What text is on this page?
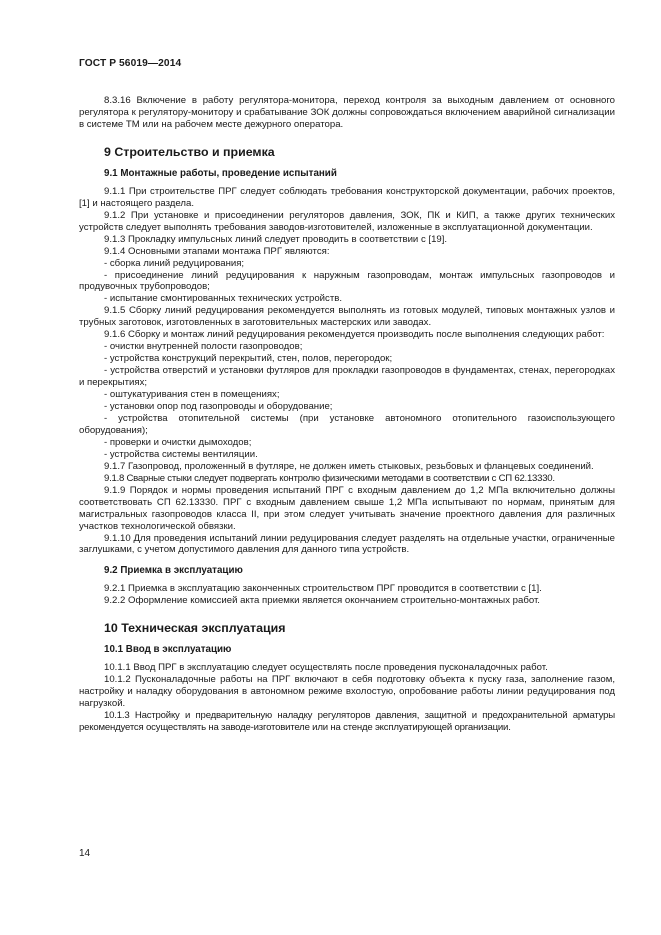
ГОСТ Р 56019—2014

8.3.16 Включение в работу регулятора-монитора, переход контроля за выходным давлением от основного регулятора к регулятору-монитору и срабатывание ЗОК должны сопровождаться включением аварийной сигнализации в системе ТМ или на рабочем месте дежурного оператора.

9 Строительство и приемка

9.1 Монтажные работы, проведение испытаний

9.1.1 При строительстве ПРГ следует соблюдать требования конструкторской документации, рабочих проектов, [1] и настоящего раздела.

9.1.2 При установке и присоединении регуляторов давления, ЗОК, ПК и КИП, а также других технических устройств следует выполнять требования заводов-изготовителей, изложенные в эксплуатационной документации.

9.1.3 Прокладку импульсных линий следует проводить в соответствии с [19].

9.1.4 Основными этапами монтажа ПРГ являются:

- сборка линий редуцирования;

- присоединение линий редуцирования к наружным газопроводам, монтаж импульсных газопроводов и продувочных трубопроводов;

- испытание смонтированных технических устройств.

9.1.5 Сборку линий редуцирования рекомендуется выполнять из готовых модулей, типовых монтажных узлов и трубных заготовок, изготовленных в заготовительных мастерских или заводах.

9.1.6 Сборку и монтаж линий редуцирования рекомендуется производить после выполнения следующих работ:

- очистки внутренней полости газопроводов;

- устройства конструкций перекрытий, стен, полов, перегородок;

- устройства отверстий и установки футляров для прокладки газопроводов в фундаментах, стенах, перегородках и перекрытиях;

- оштукатуривания стен в помещениях;

- установки опор под газопроводы и оборудование;

- устройства отопительной системы (при установке автономного отопительного газоиспользующего оборудования);

- проверки и очистки дымоходов;

- устройства системы вентиляции.

9.1.7 Газопровод, проложенный в футляре, не должен иметь стыковых, резьбовых и фланцевых соединений.

9.1.8 Сварные стыки следует подвергать контролю физическими методами в соответствии с СП 62.13330.

9.1.9 Порядок и нормы проведения испытаний ПРГ с входным давлением до 1,2 МПа включительно должны соответствовать СП 62.13330. ПРГ с входным давлением свыше 1,2 МПа испытывают по нормам, принятым для магистральных газопроводов класса II, при этом следует учитывать значение проектного давления для различных участков технологической обвязки.

9.1.10 Для проведения испытаний линии редуцирования следует разделять на отдельные участки, ограниченные заглушками, с учетом допустимого давления для данного типа устройств.

9.2 Приемка в эксплуатацию

9.2.1 Приемка в эксплуатацию законченных строительством ПРГ проводится в соответствии с [1].

9.2.2 Оформление комиссией акта приемки является окончанием строительно-монтажных работ.

10 Техническая эксплуатация

10.1 Ввод в эксплуатацию

10.1.1 Ввод ПРГ в эксплуатацию следует осуществлять после проведения пусконаладочных работ.

10.1.2 Пусконаладочные работы на ПРГ включают в себя подготовку объекта к пуску газа, заполнение газом, настройку и наладку оборудования в автономном режиме вхолостую, опробование работы линии редуцирования под нагрузкой.

10.1.3 Настройку и предварительную наладку регуляторов давления, защитной и предохранительной арматуры рекомендуется осуществлять на заводе-изготовителе или на стенде эксплуатирующей организации.

14
